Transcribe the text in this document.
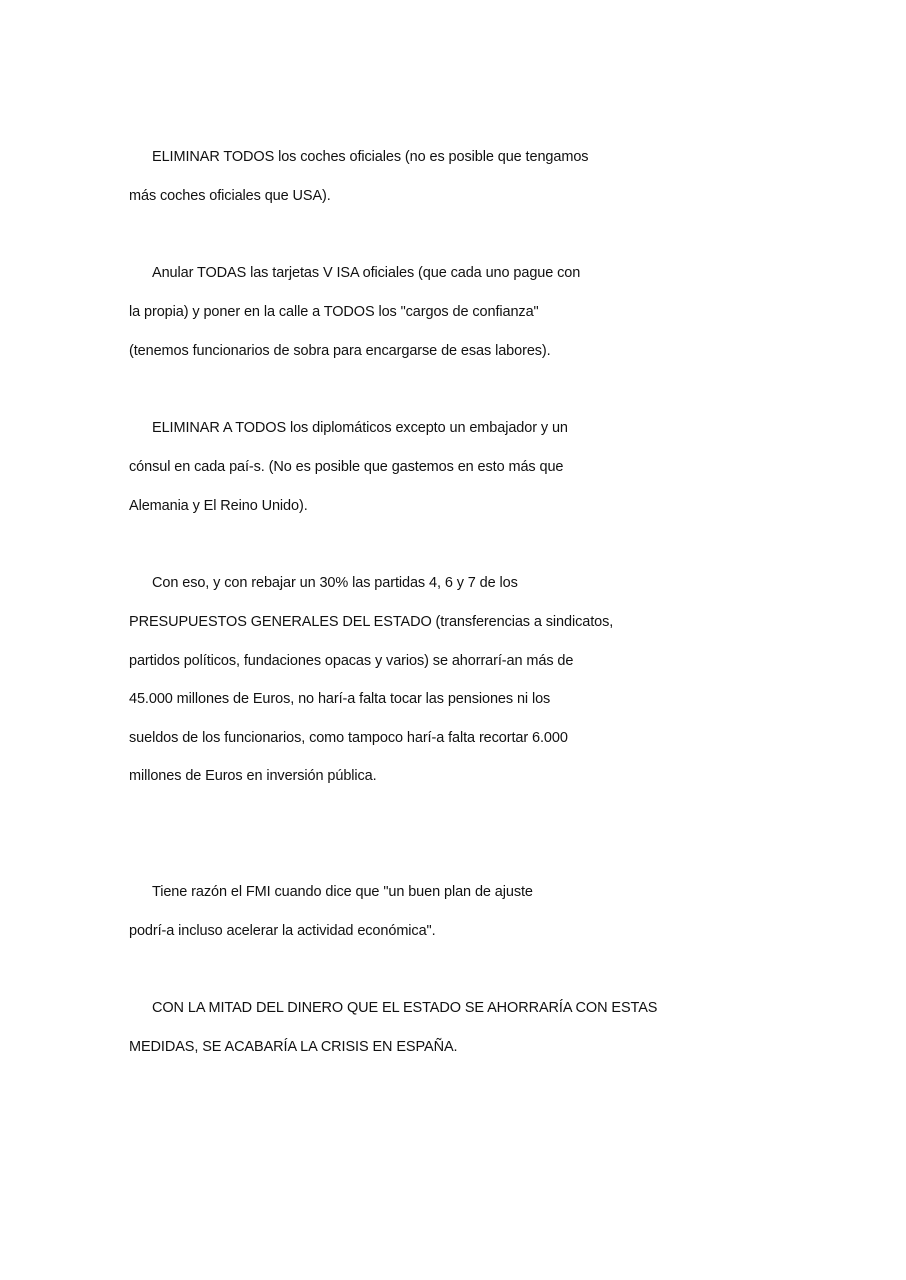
ELIMINAR TODOS los coches oficiales (no es posible que tengamos
más coches oficiales que USA).
Anular TODAS las tarjetas V ISA oficiales (que cada uno pague con
la propia) y poner en la calle a TODOS los "cargos de confianza"
(tenemos funcionarios de sobra para encargarse de esas labores).
ELIMINAR A TODOS los diplomáticos excepto un embajador y un
cónsul en cada paí-s. (No es posible que gastemos en esto más que
Alemania y El Reino Unido).
Con eso, y con rebajar un 30% las partidas 4, 6 y 7 de los
PRESUPUESTOS GENERALES DEL ESTADO (transferencias a sindicatos,
partidos políticos, fundaciones opacas y varios) se ahorrarí-an más de
45.000 millones de Euros, no harí-a falta tocar las pensiones ni los
sueldos de los funcionarios, como tampoco harí-a falta recortar 6.000
millones de Euros en inversión pública.
Tiene razón el FMI cuando dice que "un buen plan de ajuste
podrí-a incluso acelerar la actividad económica".
CON LA MITAD DEL DINERO QUE EL ESTADO SE AHORRARÍA CON ESTAS
MEDIDAS, SE ACABARÍA LA CRISIS EN ESPAÑA.
